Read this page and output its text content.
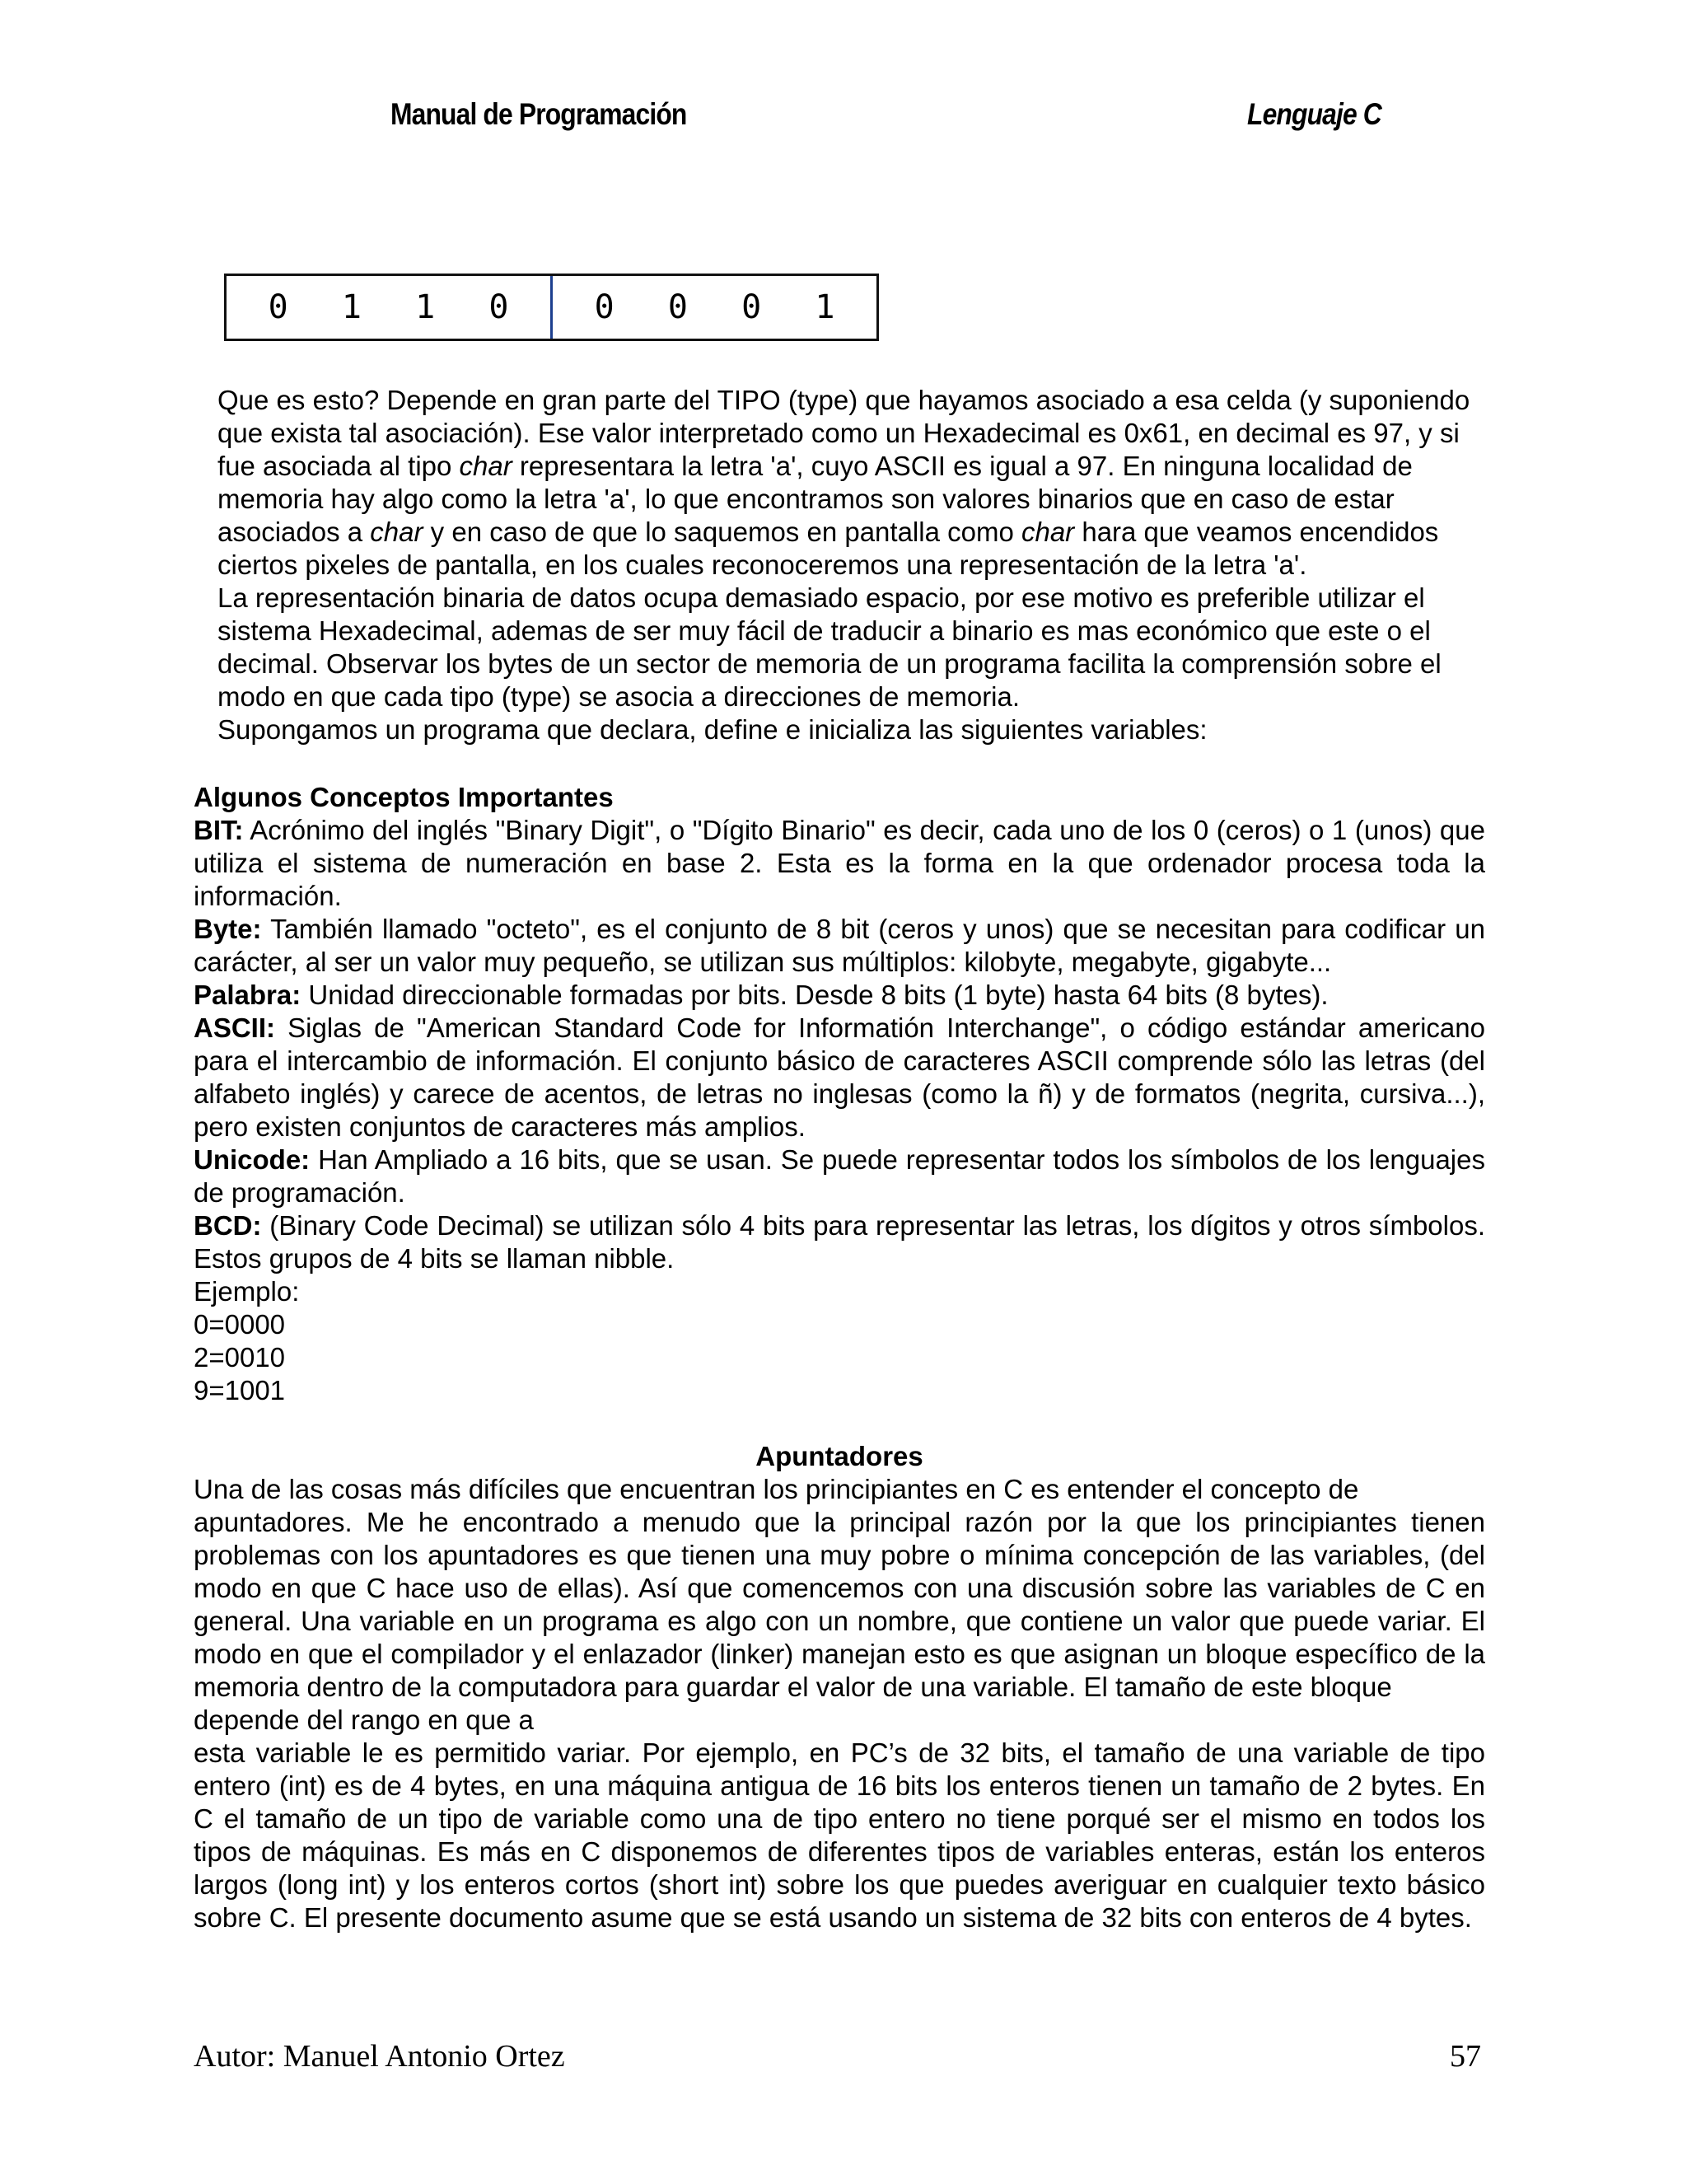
Manual de Programación	Lenguaje C
0 1 1 0	0 0 0 1

Que es esto? Depende en gran parte del TIPO (type) que hayamos asociado a esa celda (y suponiendo que exista tal asociación). Ese valor interpretado como un Hexadecimal es 0x61, en decimal es 97, y si fue asociada al tipo char representara la letra 'a', cuyo ASCII es igual a 97. En ninguna localidad de memoria hay algo como la letra 'a', lo que encontramos son valores binarios que en caso de estar asociados a char y en caso de que lo saquemos en pantalla como char hara que veamos encendidos ciertos pixeles de pantalla, en los cuales reconoceremos una representación de la letra 'a'.

La representación binaria de datos ocupa demasiado espacio, por ese motivo es preferible utilizar el sistema Hexadecimal, ademas de ser muy fácil de traducir a binario es mas económico que este o el decimal. Observar los bytes de un sector de memoria de un programa facilita la comprensión sobre el modo en que cada tipo (type) se asocia a direcciones de memoria.

Supongamos un programa que declara, define e inicializa las siguientes variables:

Algunos Conceptos Importantes

BIT: Acrónimo del inglés "Binary Digit", o "Dígito Binario" es decir, cada uno de los 0 (ceros) o 1 (unos) que utiliza el sistema de numeración en base 2. Esta es la forma en la que ordenador procesa toda la información.

Byte: También llamado "octeto", es el conjunto de 8 bit (ceros y unos) que se necesitan para codificar un carácter, al ser un valor muy pequeño, se utilizan sus múltiplos: kilobyte, megabyte, gigabyte...

Palabra: Unidad direccionable formadas por bits. Desde 8 bits (1 byte) hasta 64 bits (8 bytes).

ASCII: Siglas de "American Standard Code for Informatión Interchange", o código estándar americano para el intercambio de información. El conjunto básico de caracteres ASCII comprende sólo las letras (del alfabeto inglés) y carece de acentos, de letras no inglesas (como la ñ) y de formatos (negrita, cursiva...), pero existen conjuntos de caracteres más amplios.

Unicode: Han Ampliado a 16 bits, que se usan. Se puede representar todos los símbolos de los lenguajes de programación.

BCD: (Binary Code Decimal) se utilizan sólo 4 bits para representar las letras, los dígitos y otros símbolos. Estos grupos de 4 bits se llaman nibble.

Ejemplo:

0=0000

2=0010

9=1001

Apuntadores

Una de las cosas más difíciles que encuentran los principiantes en C es entender el concepto de

apuntadores. Me he encontrado a menudo que la principal razón por la que los principiantes tienen problemas con los apuntadores es que tienen una muy pobre o mínima concepción de las variables, (del modo en que C hace uso de ellas). Así que comencemos con una discusión sobre las variables de C en general. Una variable en un programa es algo con un nombre, que contiene un valor que puede variar. El modo en que el compilador y el enlazador (linker) manejan esto es que asignan un bloque específico de la memoria dentro de la computadora para guardar el valor de una variable. El tamaño de este bloque

depende del rango en que a

esta variable le es permitido variar. Por ejemplo, en PC’s de 32 bits, el tamaño de una variable de tipo entero (int) es de 4 bytes, en una máquina antigua de 16 bits los enteros tienen un tamaño de 2 bytes. En C el tamaño de un tipo de variable como una de tipo entero no tiene porqué ser el mismo en todos los tipos de máquinas. Es más en C disponemos de diferentes tipos de variables enteras, están los enteros largos (long int) y los enteros cortos (short int) sobre los que puedes averiguar en cualquier texto básico sobre C. El presente documento asume que se está usando un sistema de 32 bits con enteros de 4 bytes.

Autor: Manuel Antonio Ortez	57
